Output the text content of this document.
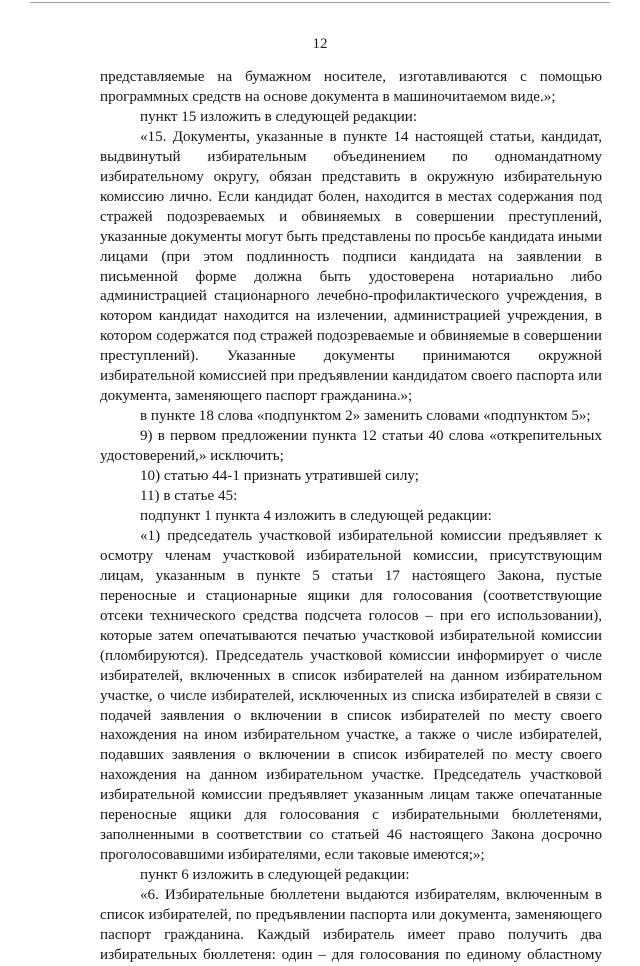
12

представляемые на бумажном носителе, изготавливаются с помощью программных средств на основе документа в машиночитаемом виде.»;

пункт 15 изложить в следующей редакции:

«15. Документы, указанные в пункте 14 настоящей статьи, кандидат, выдвинутый избирательным объединением по одномандатному избирательному округу, обязан представить в окружную избирательную комиссию лично. Если кандидат болен, находится в местах содержания под стражей подозреваемых и обвиняемых в совершении преступлений, указанные документы могут быть представлены по просьбе кандидата иными лицами (при этом подлинность подписи кандидата на заявлении в письменной форме должна быть удостоверена нотариально либо администрацией стационарного лечебно-профилактического учреждения, в котором кандидат находится на излечении, администрацией учреждения, в котором содержатся под стражей подозреваемые и обвиняемые в совершении преступлений). Указанные документы принимаются окружной избирательной комиссией при предъявлении кандидатом своего паспорта или документа, заменяющего паспорт гражданина.»;

в пункте 18 слова «подпунктом 2» заменить словами «подпунктом 5»;

9) в первом предложении пункта 12 статьи 40 слова «открепительных удостоверений,» исключить;

10) статью 44-1 признать утратившей силу;

11) в статье 45:

подпункт 1 пункта 4 изложить в следующей редакции:

«1) председатель участковой избирательной комиссии предъявляет к осмотру членам участковой избирательной комиссии, присутствующим лицам, указанным в пункте 5 статьи 17 настоящего Закона, пустые переносные и стационарные ящики для голосования (соответствующие отсеки технического средства подсчета голосов – при его использовании), которые затем опечатываются печатью участковой избирательной комиссии (пломбируются). Председатель участковой комиссии информирует о числе избирателей, включенных в список избирателей на данном избирательном участке, о числе избирателей, исключенных из списка избирателей в связи с подачей заявления о включении в список избирателей по месту своего нахождения на ином избирательном участке, а также о числе избирателей, подавших заявления о включении в список избирателей по месту своего нахождения на данном избирательном участке. Председатель участковой избирательной комиссии предъявляет указанным лицам также опечатанные переносные ящики для голосования с избирательными бюллетенями, заполненными в соответствии со статьей 46 настоящего Закона досрочно проголосовавшими избирателями, если таковые имеются;»;

пункт 6 изложить в следующей редакции:

«6. Избирательные бюллетени выдаются избирателям, включенным в список избирателей, по предъявлении паспорта или документа, заменяющего паспорт гражданина. Каждый избиратель имеет право получить два избирательных бюллетеня: один – для голосования по единому областному
